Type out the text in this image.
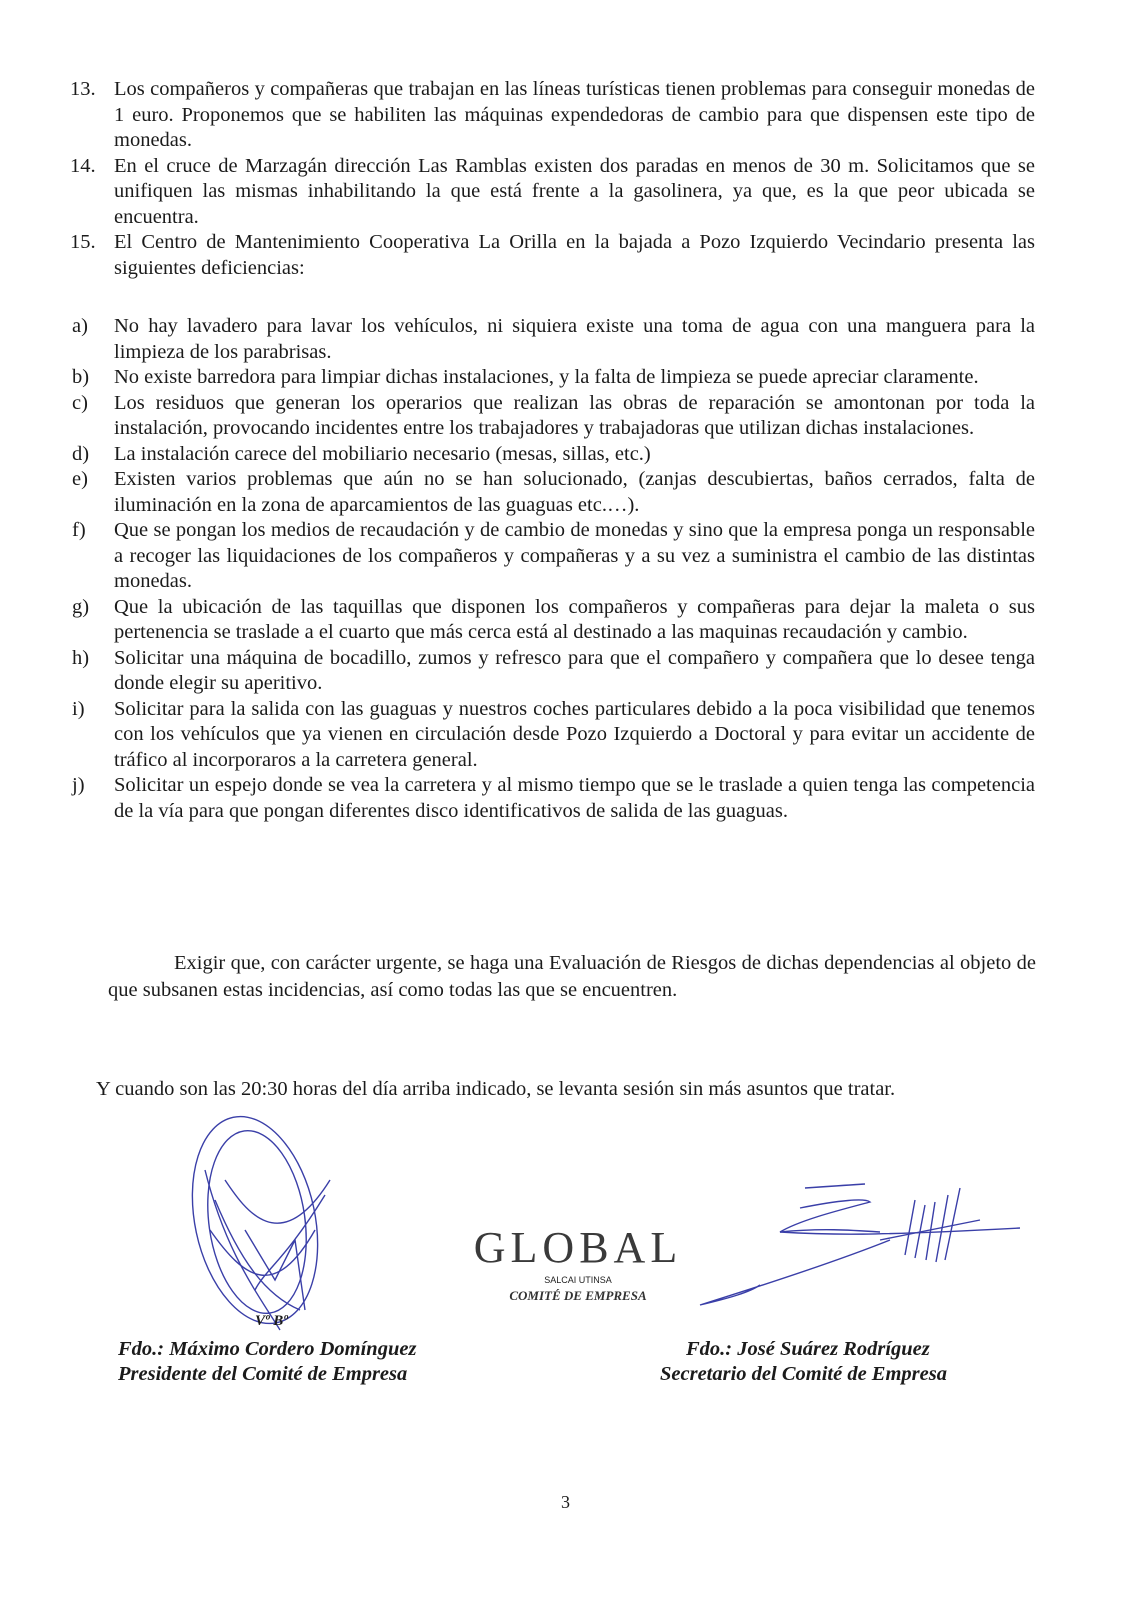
13. Los compañeros y compañeras que trabajan en las líneas turísticas tienen problemas para conseguir monedas de 1 euro. Proponemos que se habiliten las máquinas expendedoras de cambio para que dispensen este tipo de monedas.
14. En el cruce de Marzagán dirección Las Ramblas existen dos paradas en menos de 30 m. Solicitamos que se unifiquen las mismas inhabilitando la que está frente a la gasolinera, ya que, es la que peor ubicada se encuentra.
15. El Centro de Mantenimiento Cooperativa La Orilla en la bajada a Pozo Izquierdo Vecindario presenta las siguientes deficiencias:
a)	No hay lavadero para lavar los vehículos, ni siquiera existe una toma de agua con una manguera para la limpieza de los parabrisas.
b)	No existe barredora para limpiar dichas instalaciones, y la falta de limpieza se puede apreciar claramente.
c)	Los residuos que generan los operarios que realizan las obras de reparación se amontonan por toda la instalación, provocando incidentes entre los trabajadores y trabajadoras que utilizan dichas instalaciones.
d)	La instalación carece del mobiliario necesario (mesas, sillas, etc.)
e)	Existen varios problemas que aún no se han solucionado, (zanjas descubiertas, baños cerrados, falta de iluminación en la zona de aparcamientos de las guaguas etc.…).
f)	Que se pongan los medios de recaudación y de cambio de monedas y sino que la empresa ponga un responsable a recoger las liquidaciones de los compañeros y compañeras y a su vez a suministra el cambio de las distintas monedas.
g)	Que la ubicación de las taquillas que disponen los compañeros y compañeras para dejar la maleta o sus pertenencia se traslade a el cuarto que más cerca está al destinado a las maquinas recaudación y cambio.
h)	Solicitar una máquina de bocadillo, zumos y refresco para que el compañero y compañera que lo desee tenga donde elegir su aperitivo.
i)	Solicitar para la salida con las guaguas y nuestros coches particulares debido a la poca visibilidad que tenemos con los vehículos que ya vienen en circulación desde Pozo Izquierdo a Doctoral y para evitar un accidente de tráfico al incorporaros a la carretera general.
j)	Solicitar un espejo donde se vea la carretera y al mismo tiempo que se le traslade a quien tenga las competencia de la vía para que pongan diferentes disco identificativos de salida de las guaguas.
Exigir que, con carácter urgente, se haga una Evaluación de Riesgos de dichas dependencias al objeto de que subsanen estas incidencias, así como todas las que se encuentren.
Y cuando son las 20:30 horas del día arriba indicado, se levanta sesión sin más asuntos que tratar.
Vº Bº
GLOBAL
SALCAI UTINSA
COMITÉ DE EMPRESA
Fdo.: Máximo Cordero Domínguez
Presidente del Comité de Empresa
Fdo.: José Suárez Rodríguez
Secretario del Comité de Empresa
3
